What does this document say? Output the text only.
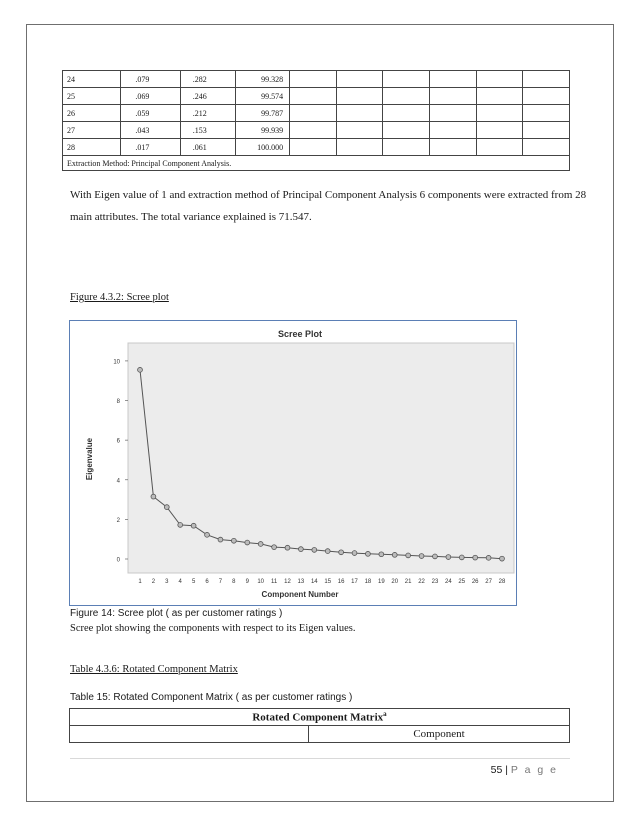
24	.079	.282	99.328						
25	.069	.246	99.574						
26	.059	.212	99.787						
27	.043	.153	99.939						
28	.017	.061	100.000						
Extraction Method: Principal Component Analysis.									
With Eigen value of 1 and extraction method of Principal Component Analysis 6 components were extracted from 28 main attributes. The total variance explained is 71.547.
Figure 4.3.2: Scree plot
Scree Plot
Component Number
Eigenvalue
0
2
4
6
8
10
1 2 3 4 5 6 7 8 9 10 11 12 13 14 15 16 17 18 19 20 21 22 23 24 25 26 27 28
Figure 14: Scree plot ( as per customer ratings )
Scree plot showing the components with respect to its Eigen values.
Table 4.3.6: Rotated Component Matrix
Table 15: Rotated Component Matrix ( as per customer ratings )
Rotated Component Matrix$^a$
	Component
55 | P a g e
